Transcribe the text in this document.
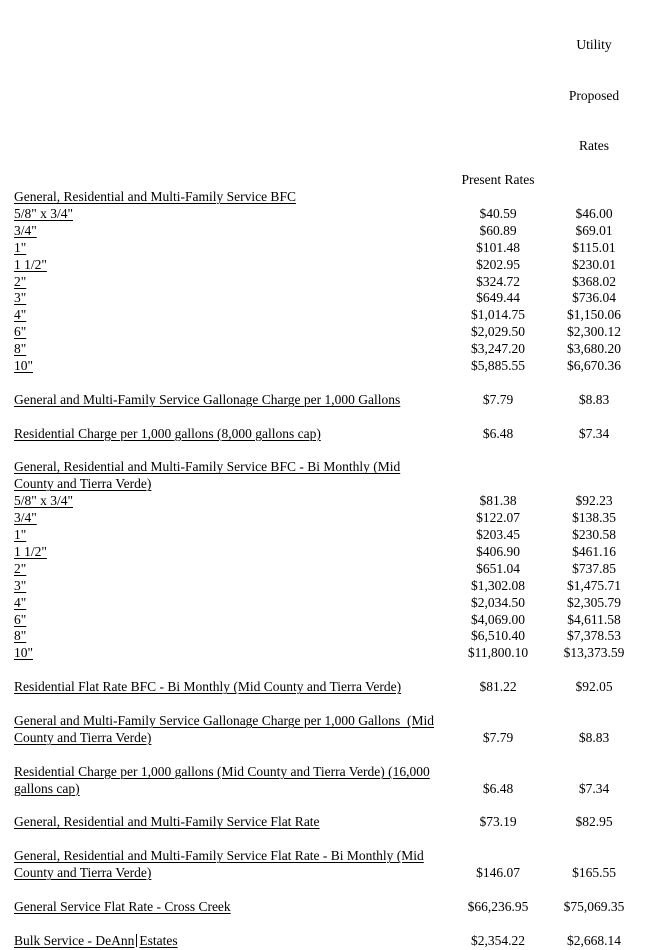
Present Rates

Utility

Proposed

Rates

General, Residential and Multi-Family Service BFC
5/8" x 3/4"	$40.59	$46.00
3/4"	$60.89	$69.01
1"	$101.48	$115.01
1 1/2"	$202.95	$230.01
2"	$324.72	$368.02
3"	$649.44	$736.04
4"	$1,014.75	$1,150.06
6"	$2,029.50	$2,300.12
8"	$3,247.20	$3,680.20
10"	$5,885.55	$6,670.36
General and Multi-Family Service Gallonage Charge per 1,000 Gallons	$7.79	$8.83
Residential Charge per 1,000 gallons (8,000 gallons cap)	$6.48	$7.34
General, Residential and Multi-Family Service BFC - Bi Monthly (Mid
County and Tierra Verde)
5/8" x 3/4"	$81.38	$92.23
3/4"	$122.07	$138.35
1"	$203.45	$230.58
1 1/2"	$406.90	$461.16
2"	$651.04	$737.85
3"	$1,302.08	$1,475.71
4"	$2,034.50	$2,305.79
6"	$4,069.00	$4,611.58
8"	$6,510.40	$7,378.53
10"	$11,800.10	$13,373.59
Residential Flat Rate BFC - Bi Monthly (Mid County and Tierra Verde)	$81.22	$92.05
General and Multi-Family Service Gallonage Charge per 1,000 Gallons  (Mid
County and Tierra Verde)	$7.79	$8.83
Residential Charge per 1,000 gallons (Mid County and Tierra Verde) (16,000
gallons cap)	$6.48	$7.34
General, Residential and Multi-Family Service Flat Rate	$73.19	$82.95
General, Residential and Multi-Family Service Flat Rate - Bi Monthly (Mid
County and Tierra Verde)	$146.07	$165.55
General Service Flat Rate - Cross Creek	$66,236.95	$75,069.35
Bulk Service - DeAnn Estates	$2,354.22	$2,668.14
